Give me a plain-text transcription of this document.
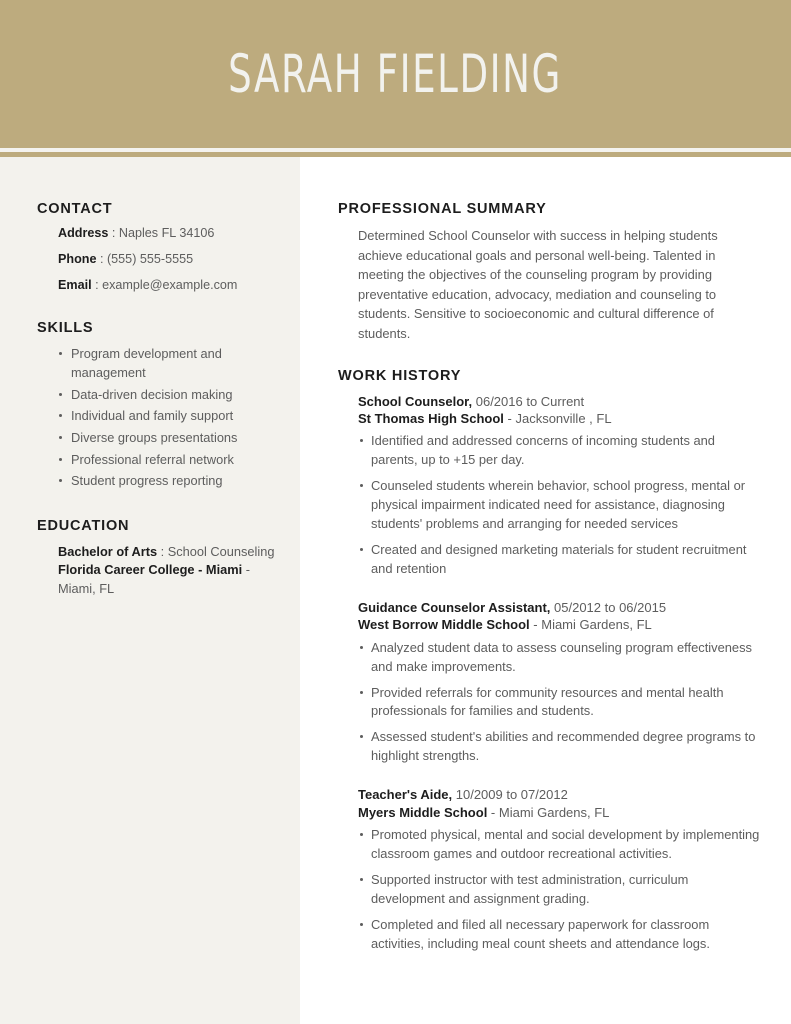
SARAH FIELDING
CONTACT
Address : Naples FL 34106
Phone : (555) 555-5555
Email : example@example.com
SKILLS
Program development and management
Data-driven decision making
Individual and family support
Diverse groups presentations
Professional referral network
Student progress reporting
EDUCATION
Bachelor of Arts : School Counseling
Florida Career College - Miami - Miami, FL
PROFESSIONAL SUMMARY

Determined School Counselor with success in helping students achieve educational goals and personal well-being. Talented in meeting the objectives of the counseling program by providing preventative education, advocacy, mediation and counseling to students. Sensitive to socioeconomic and cultural difference of students.

WORK HISTORY
School Counselor, 06/2016 to Current
St Thomas High School - Jacksonville , FL
Identified and addressed concerns of incoming students and parents, up to +15 per day.
Counseled students wherein behavior, school progress, mental or physical impairment indicated need for assistance, diagnosing students' problems and arranging for needed services
Created and designed marketing materials for student recruitment and retention
Guidance Counselor Assistant, 05/2012 to 06/2015
West Borrow Middle School - Miami Gardens, FL
Analyzed student data to assess counseling program effectiveness and make improvements.
Provided referrals for community resources and mental health professionals for families and students.
Assessed student's abilities and recommended degree programs to highlight strengths.
Teacher's Aide, 10/2009 to 07/2012
Myers Middle School - Miami Gardens, FL
Promoted physical, mental and social development by implementing classroom games and outdoor recreational activities.
Supported instructor with test administration, curriculum development and assignment grading.
Completed and filed all necessary paperwork for classroom activities, including meal count sheets and attendance logs.
